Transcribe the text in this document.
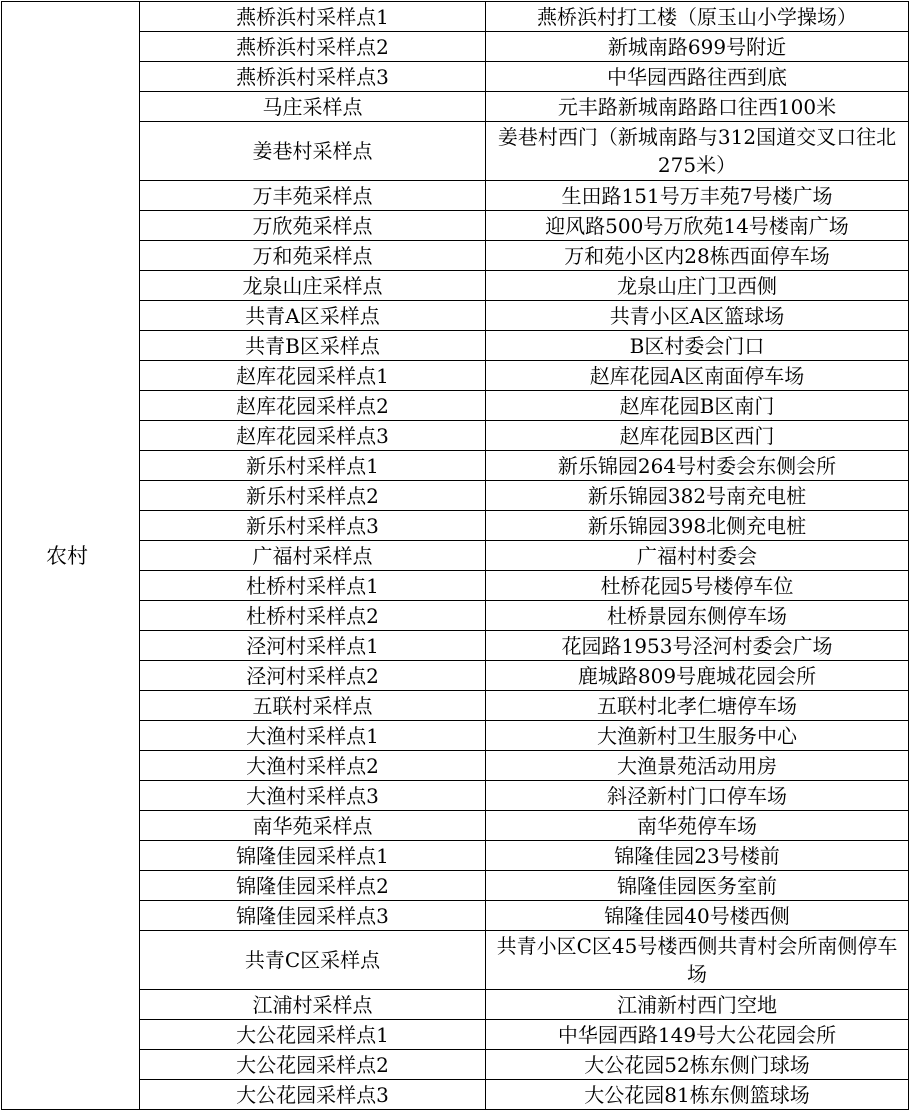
农村	燕桥浜村采样点1	燕桥浜村打工楼（原玉山小学操场）
	燕桥浜村采样点2	新城南路699号附近
	燕桥浜村采样点3	中华园西路往西到底
	马庄采样点	元丰路新城南路路口往西100米
	姜巷村采样点	姜巷村西门（新城南路与312国道交叉口往北275米）
	万丰苑采样点	生田路151号万丰苑7号楼广场
	万欣苑采样点	迎风路500号万欣苑14号楼南广场
	万和苑采样点	万和苑小区内28栋西面停车场
	龙泉山庄采样点	龙泉山庄门卫西侧
	共青A区采样点	共青小区A区篮球场
	共青B区采样点	B区村委会门口
	赵库花园采样点1	赵库花园A区南面停车场
	赵库花园采样点2	赵库花园B区南门
	赵库花园采样点3	赵库花园B区西门
	新乐村采样点1	新乐锦园264号村委会东侧会所
	新乐村采样点2	新乐锦园382号南充电桩
	新乐村采样点3	新乐锦园398北侧充电桩
	广福村采样点	广福村村委会
	杜桥村采样点1	杜桥花园5号楼停车位
	杜桥村采样点2	杜桥景园东侧停车场
	泾河村采样点1	花园路1953号泾河村委会广场
	泾河村采样点2	鹿城路809号鹿城花园会所
	五联村采样点	五联村北孝仁塘停车场
	大渔村采样点1	大渔新村卫生服务中心
	大渔村采样点2	大渔景苑活动用房
	大渔村采样点3	斜泾新村门口停车场
	南华苑采样点	南华苑停车场
	锦隆佳园采样点1	锦隆佳园23号楼前
	锦隆佳园采样点2	锦隆佳园医务室前
	锦隆佳园采样点3	锦隆佳园40号楼西侧
	共青C区采样点	共青小区C区45号楼西侧共青村会所南侧停车场
	江浦村采样点	江浦新村西门空地
	大公花园采样点1	中华园西路149号大公花园会所
	大公花园采样点2	大公花园52栋东侧门球场
	大公花园采样点3	大公花园81栋东侧篮球场
